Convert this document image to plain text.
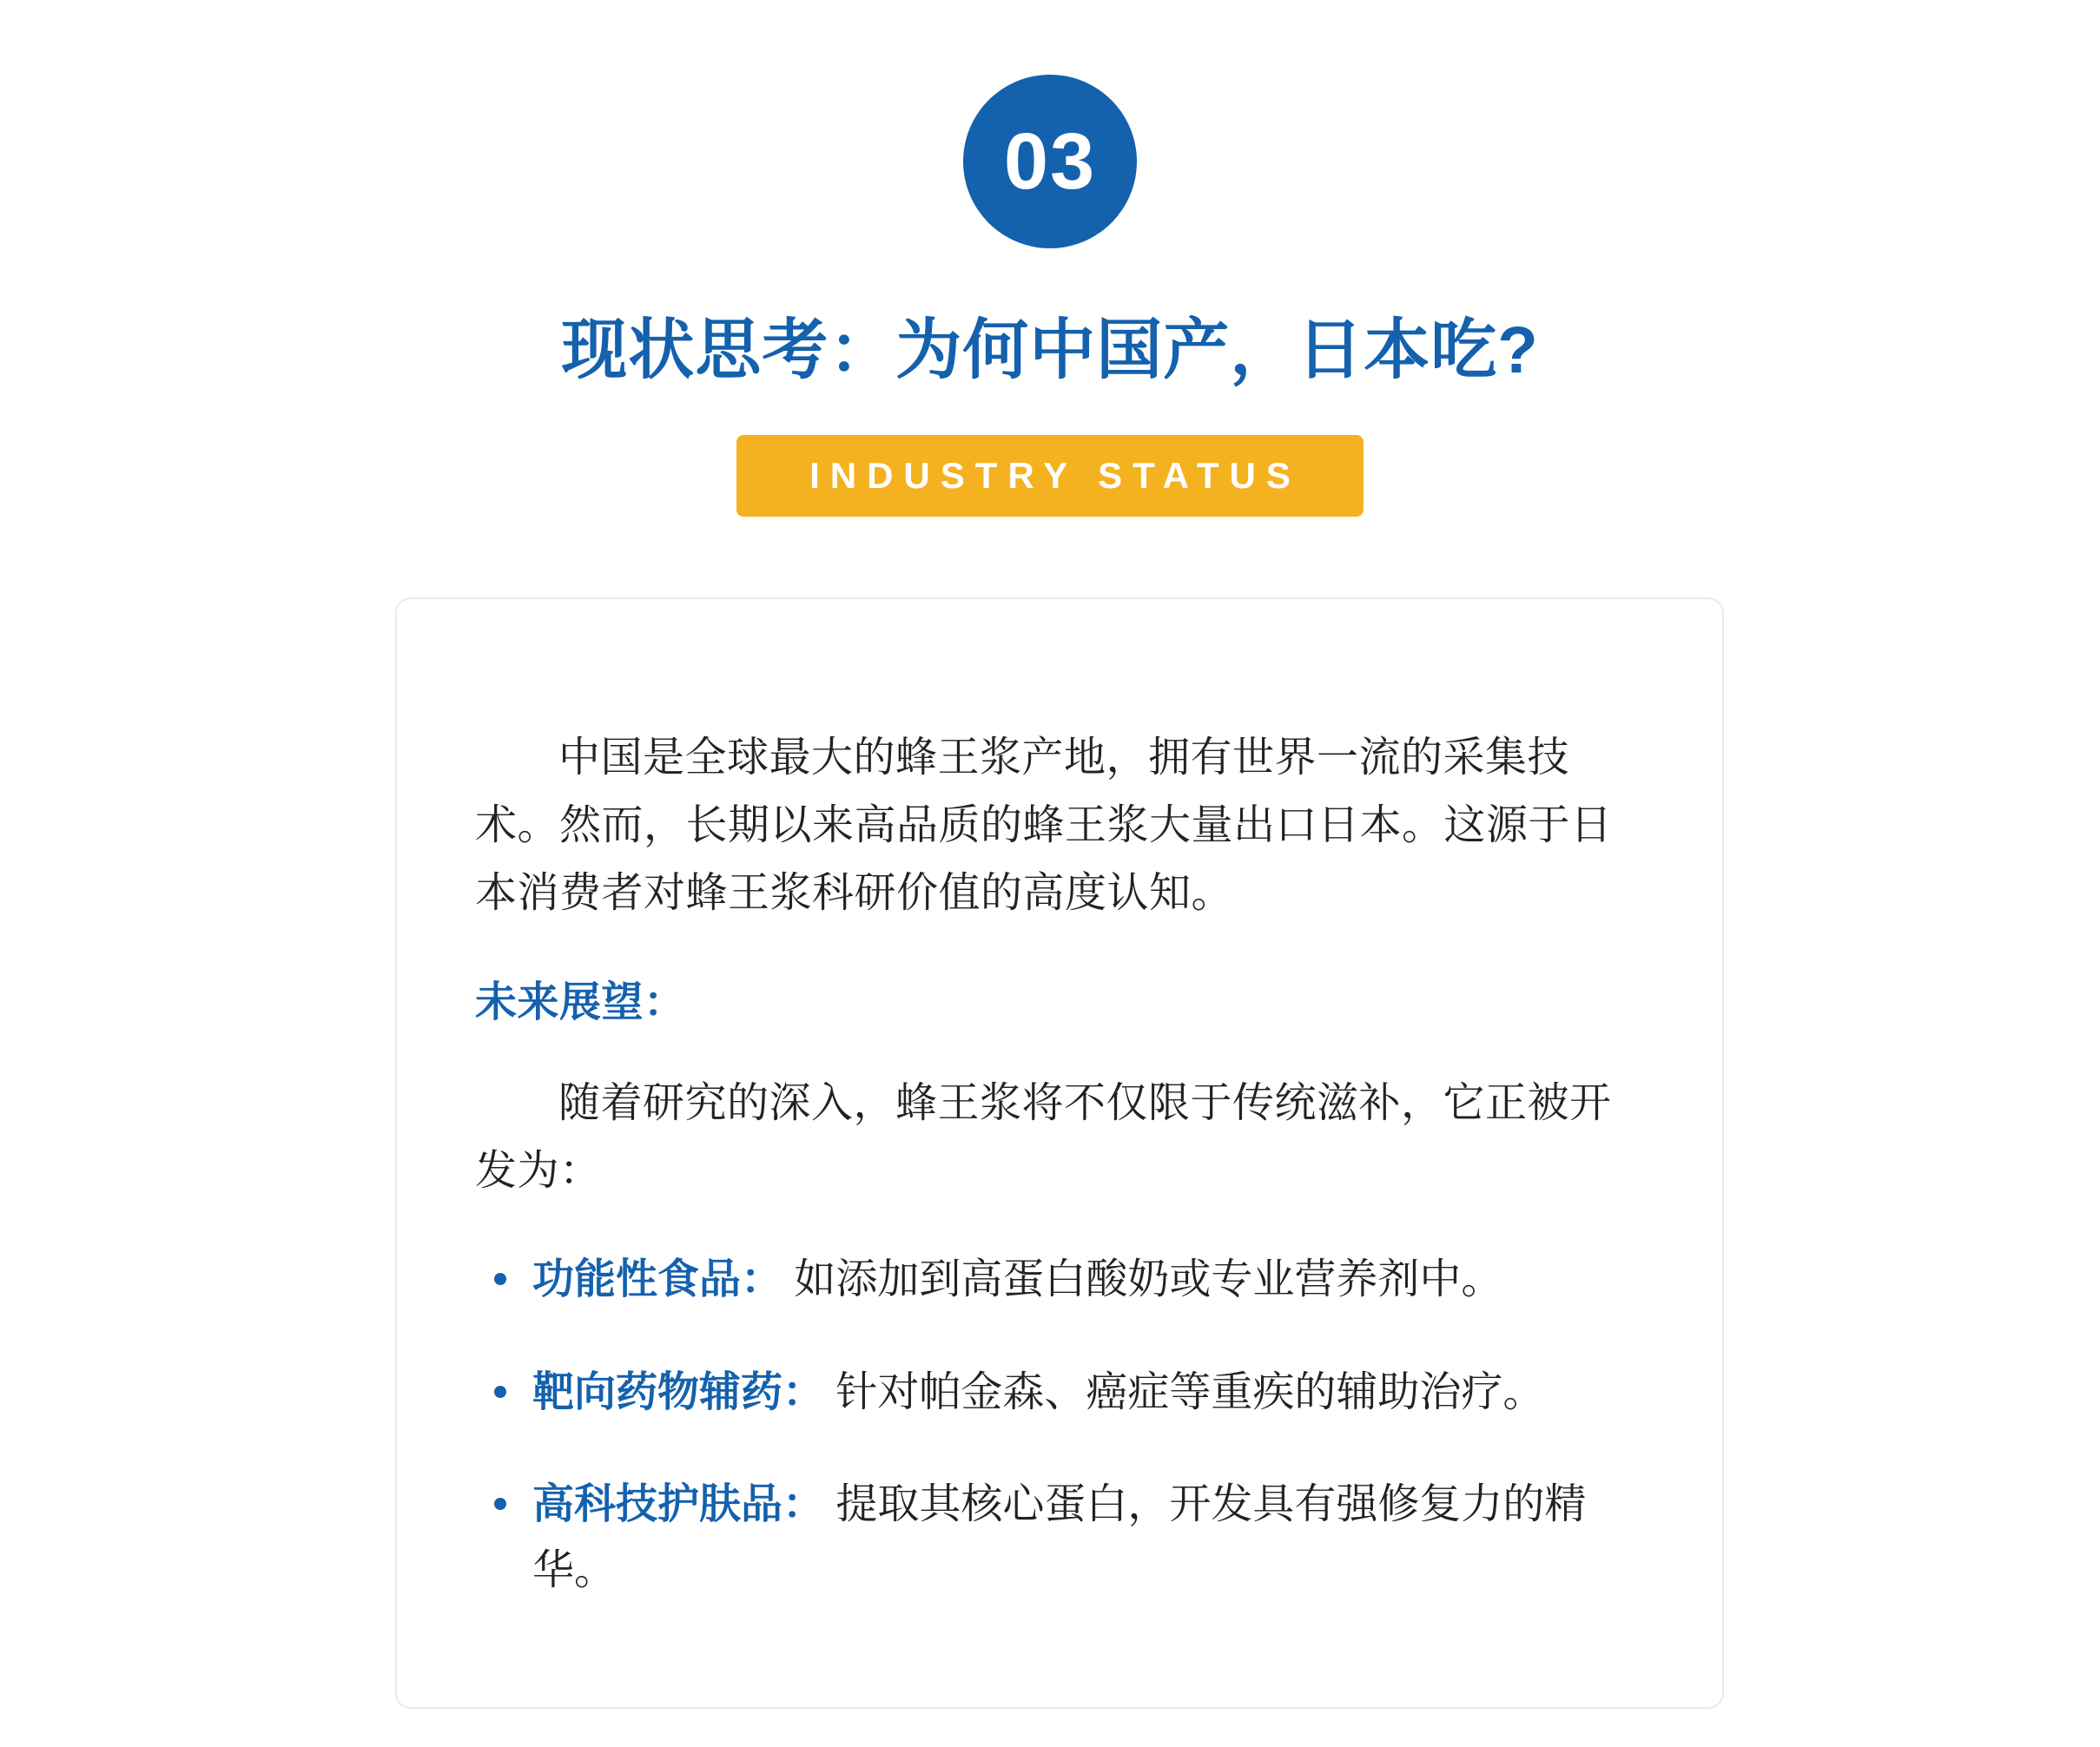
03
现状思考：为何中国产，日本吃?
INDUSTRY STATUS

中国是全球最大的蜂王浆产地，拥有世界一流的采集技术。然而，长期以来高品质的蜂王浆大量出口日本。这源于日本消费者对蜂王浆科研价值的高度认知。

未来展望：

随着研究的深入，蜂王浆将不仅限于传统滋补，它正被开发为：

功能性食品： 如添加到高蛋白酸奶或专业营养剂中。
靶向药物辅药： 针对帕金森、癌症等重疾的辅助治疗。
高科技护肤品： 提取其核心蛋白，开发具有强修复力的精华。
